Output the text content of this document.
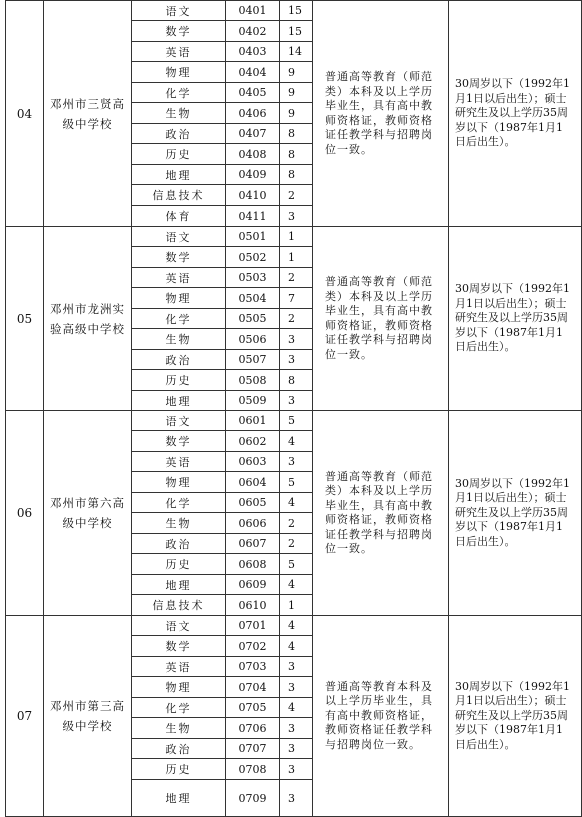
04	邓州市三贤高级中学校	语文	0401	15	普通高等教育（师范类）本科及以上学历毕业生，具有高中教师资格证，教师资格证任教学科与招聘岗位一致。	30周岁以下（1992年1月1日以后出生）；硕士研究生及以上学历35周岁以下（1987年1月1日后出生）。
		数学	0402	15		
		英语	0403	14		
		物理	0404	9		
		化学	0405	9		
		生物	0406	9		
		政治	0407	8		
		历史	0408	8		
		地理	0409	8		
		信息技术	0410	2		
		体育	0411	3		
05	邓州市龙洲实验高级中学校	语文	0501	1	普通高等教育（师范类）本科及以上学历毕业生，具有高中教师资格证，教师资格证任教学科与招聘岗位一致。	30周岁以下（1992年1月1日以后出生）；硕士研究生及以上学历35周岁以下（1987年1月1日后出生）。
		数学	0502	1		
		英语	0503	2		
		物理	0504	7		
		化学	0505	2		
		生物	0506	3		
		政治	0507	3		
		历史	0508	8		
		地理	0509	3		
06	邓州市第六高级中学校	语文	0601	5	普通高等教育（师范类）本科及以上学历毕业生，具有高中教师资格证，教师资格证任教学科与招聘岗位一致。	30周岁以下（1992年1月1日以后出生）；硕士研究生及以上学历35周岁以下（1987年1月1日后出生）。
		数学	0602	4		
		英语	0603	3		
		物理	0604	5		
		化学	0605	4		
		生物	0606	2		
		政治	0607	2		
		历史	0608	5		
		地理	0609	4		
		信息技术	0610	1		
07	邓州市第三高级中学校	语文	0701	4	普通高等教育本科及以上学历毕业生，具有高中教师资格证，教师资格证任教学科与招聘岗位一致。	30周岁以下（1992年1月1日以后出生）；硕士研究生及以上学历35周岁以下（1987年1月1日后出生）。
		数学	0702	4		
		英语	0703	3		
		物理	0704	3		
		化学	0705	4		
		生物	0706	3		
		政治	0707	3		
		历史	0708	3		
		地理	0709	3		
